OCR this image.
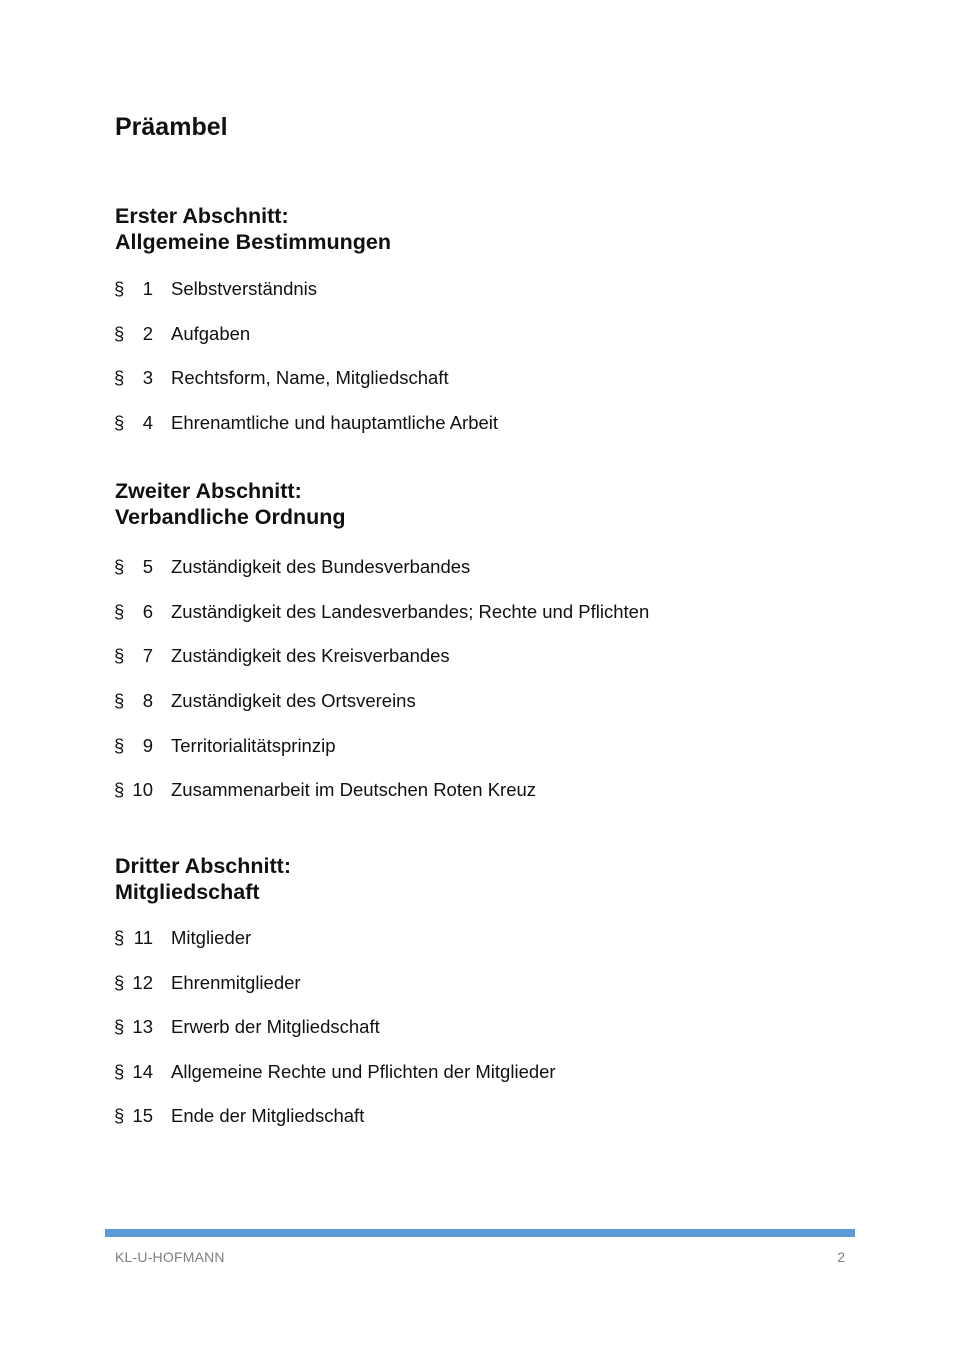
Präambel
Erster Abschnitt:
Allgemeine Bestimmungen
§ 1 Selbstverständnis
§ 2 Aufgaben
§ 3 Rechtsform, Name, Mitgliedschaft
§ 4 Ehrenamtliche und hauptamtliche Arbeit
Zweiter Abschnitt:
Verbandliche Ordnung
§ 5 Zuständigkeit des Bundesverbandes
§ 6 Zuständigkeit des Landesverbandes; Rechte und Pflichten
§ 7 Zuständigkeit des Kreisverbandes
§ 8 Zuständigkeit des Ortsvereins
§ 9 Territorialitätsprinzip
§ 10 Zusammenarbeit im Deutschen Roten Kreuz
Dritter Abschnitt:
Mitgliedschaft
§ 11 Mitglieder
§ 12 Ehrenmitglieder
§ 13 Erwerb der Mitgliedschaft
§ 14 Allgemeine Rechte und Pflichten der Mitglieder
§ 15 Ende der Mitgliedschaft
KL-U-HOFMANN	2
